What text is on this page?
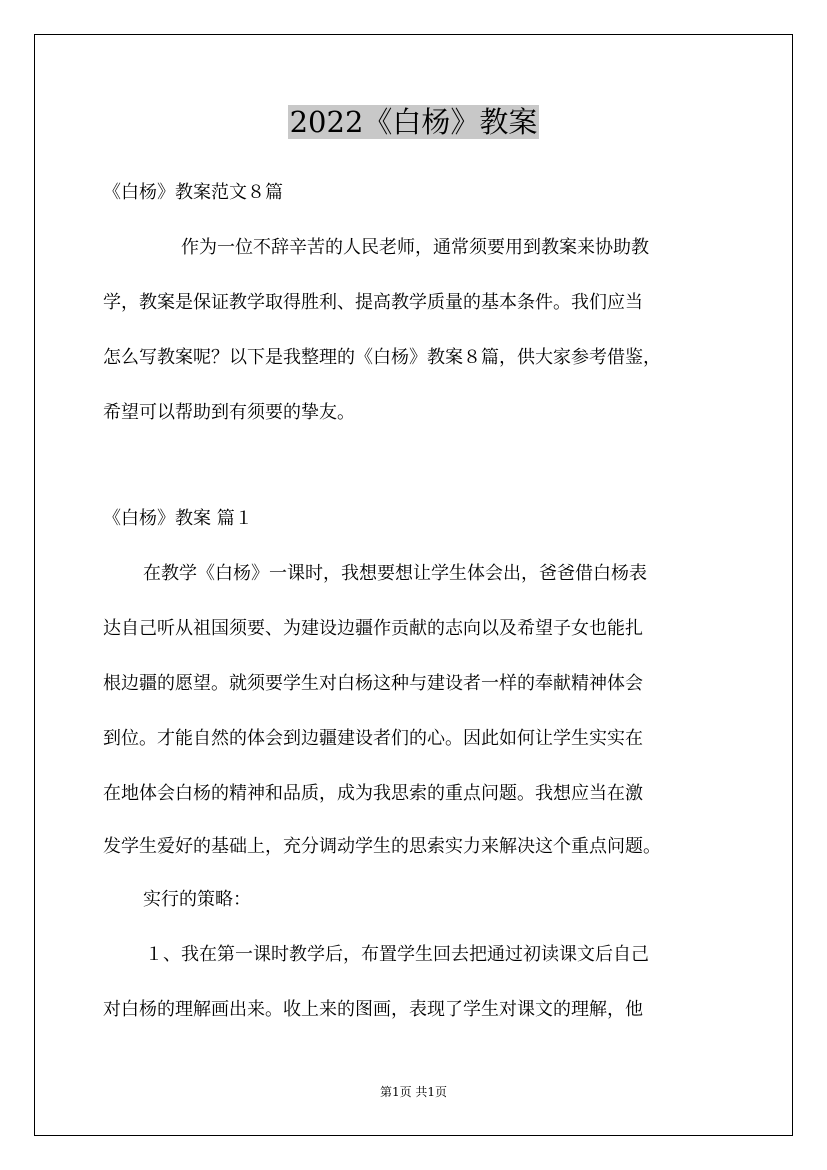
2022《白杨》教案
《白杨》教案范文８篇
作为一位不辞辛苦的人民老师，通常须要用到教案来协助教
学，教案是保证教学取得胜利、提高教学质量的基本条件。我们应当
怎么写教案呢？以下是我整理的《白杨》教案８篇，供大家参考借鉴，
希望可以帮助到有须要的挚友。
《白杨》教案 篇１
在教学《白杨》一课时，我想要想让学生体会出，爸爸借白杨表
达自己听从祖国须要、为建设边疆作贡献的志向以及希望子女也能扎
根边疆的愿望。就须要学生对白杨这种与建设者一样的奉献精神体会
到位。才能自然的体会到边疆建设者们的心。因此如何让学生实实在
在地体会白杨的精神和品质，成为我思索的重点问题。我想应当在激
发学生爱好的基础上，充分调动学生的思索实力来解决这个重点问题。
实行的策略：
１、我在第一课时教学后，布置学生回去把通过初读课文后自己
对白杨的理解画出来。收上来的图画，表现了学生对课文的理解，他
第1页 共1页
